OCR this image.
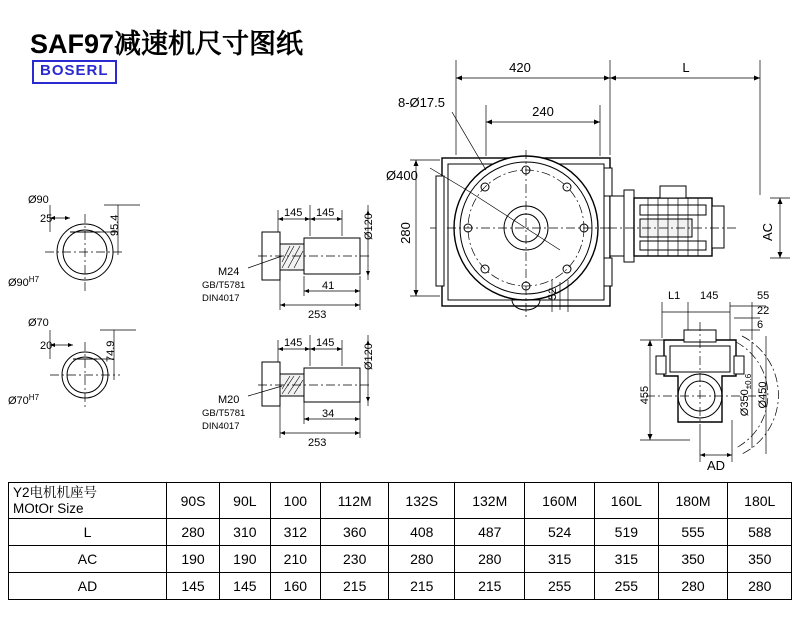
SAF97减速机尺寸图纸
BOSERL
Ø90
25	95.4
$Ø90^{H7}$
Ø70
20	74.9
$Ø70^{H7}$
145 145
Ø120
M24
GB/T5781
DIN4017
41
253
145 145
Ø120
M20
GB/T5781
DIN4017
34
253
420	L
8-Ø17.5
240
Ø400
280
52
AC
L1 145	55
22
6
455	$Ø350_{\pm 0.6}$ Ø450
AD
Y2电机机座号
MOtOr Size	90S	90L	100	112M	132S	132M	160M	160L	180M	180L
L	280	310	312	360	408	487	524	519	555	588
AC	190	190	210	230	280	280	315	315	350	350
AD	145	145	160	215	215	215	255	255	280	280
